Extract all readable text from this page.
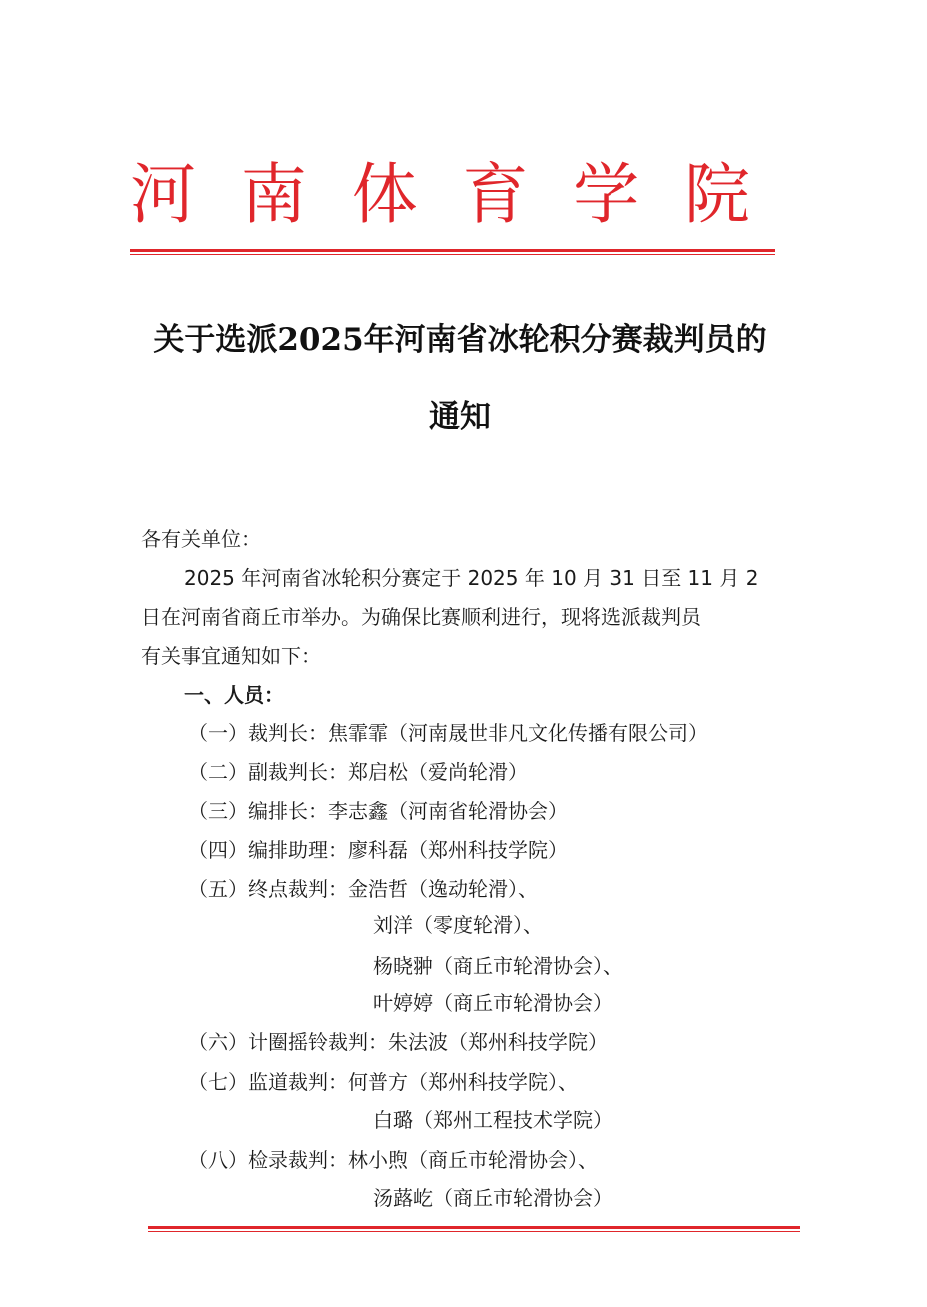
河 南 体 育 学 院
关于选派2025年河南省冰轮积分赛裁判员的
通知
各有关单位：
2025 年河南省冰轮积分赛定于 2025 年 10 月 31 日至 11 月 2
日在河南省商丘市举办。为确保比赛顺利进行，现将选派裁判员
有关事宜通知如下：
一、人员：
（一）裁判长：焦霏霏（河南晟世非凡文化传播有限公司）
（二）副裁判长：郑启松（爱尚轮滑）
（三）编排长：李志鑫（河南省轮滑协会）
（四）编排助理：廖科磊（郑州科技学院）
（五）终点裁判：金浩哲（逸动轮滑）、
刘洋（零度轮滑）、
杨晓翀（商丘市轮滑协会）、
叶婷婷（商丘市轮滑协会）
（六）计圈摇铃裁判：朱法波（郑州科技学院）
（七）监道裁判：何普方（郑州科技学院）、
白璐（郑州工程技术学院）
（八）检录裁判：林小煦（商丘市轮滑协会）、
汤蕗屹（商丘市轮滑协会）
